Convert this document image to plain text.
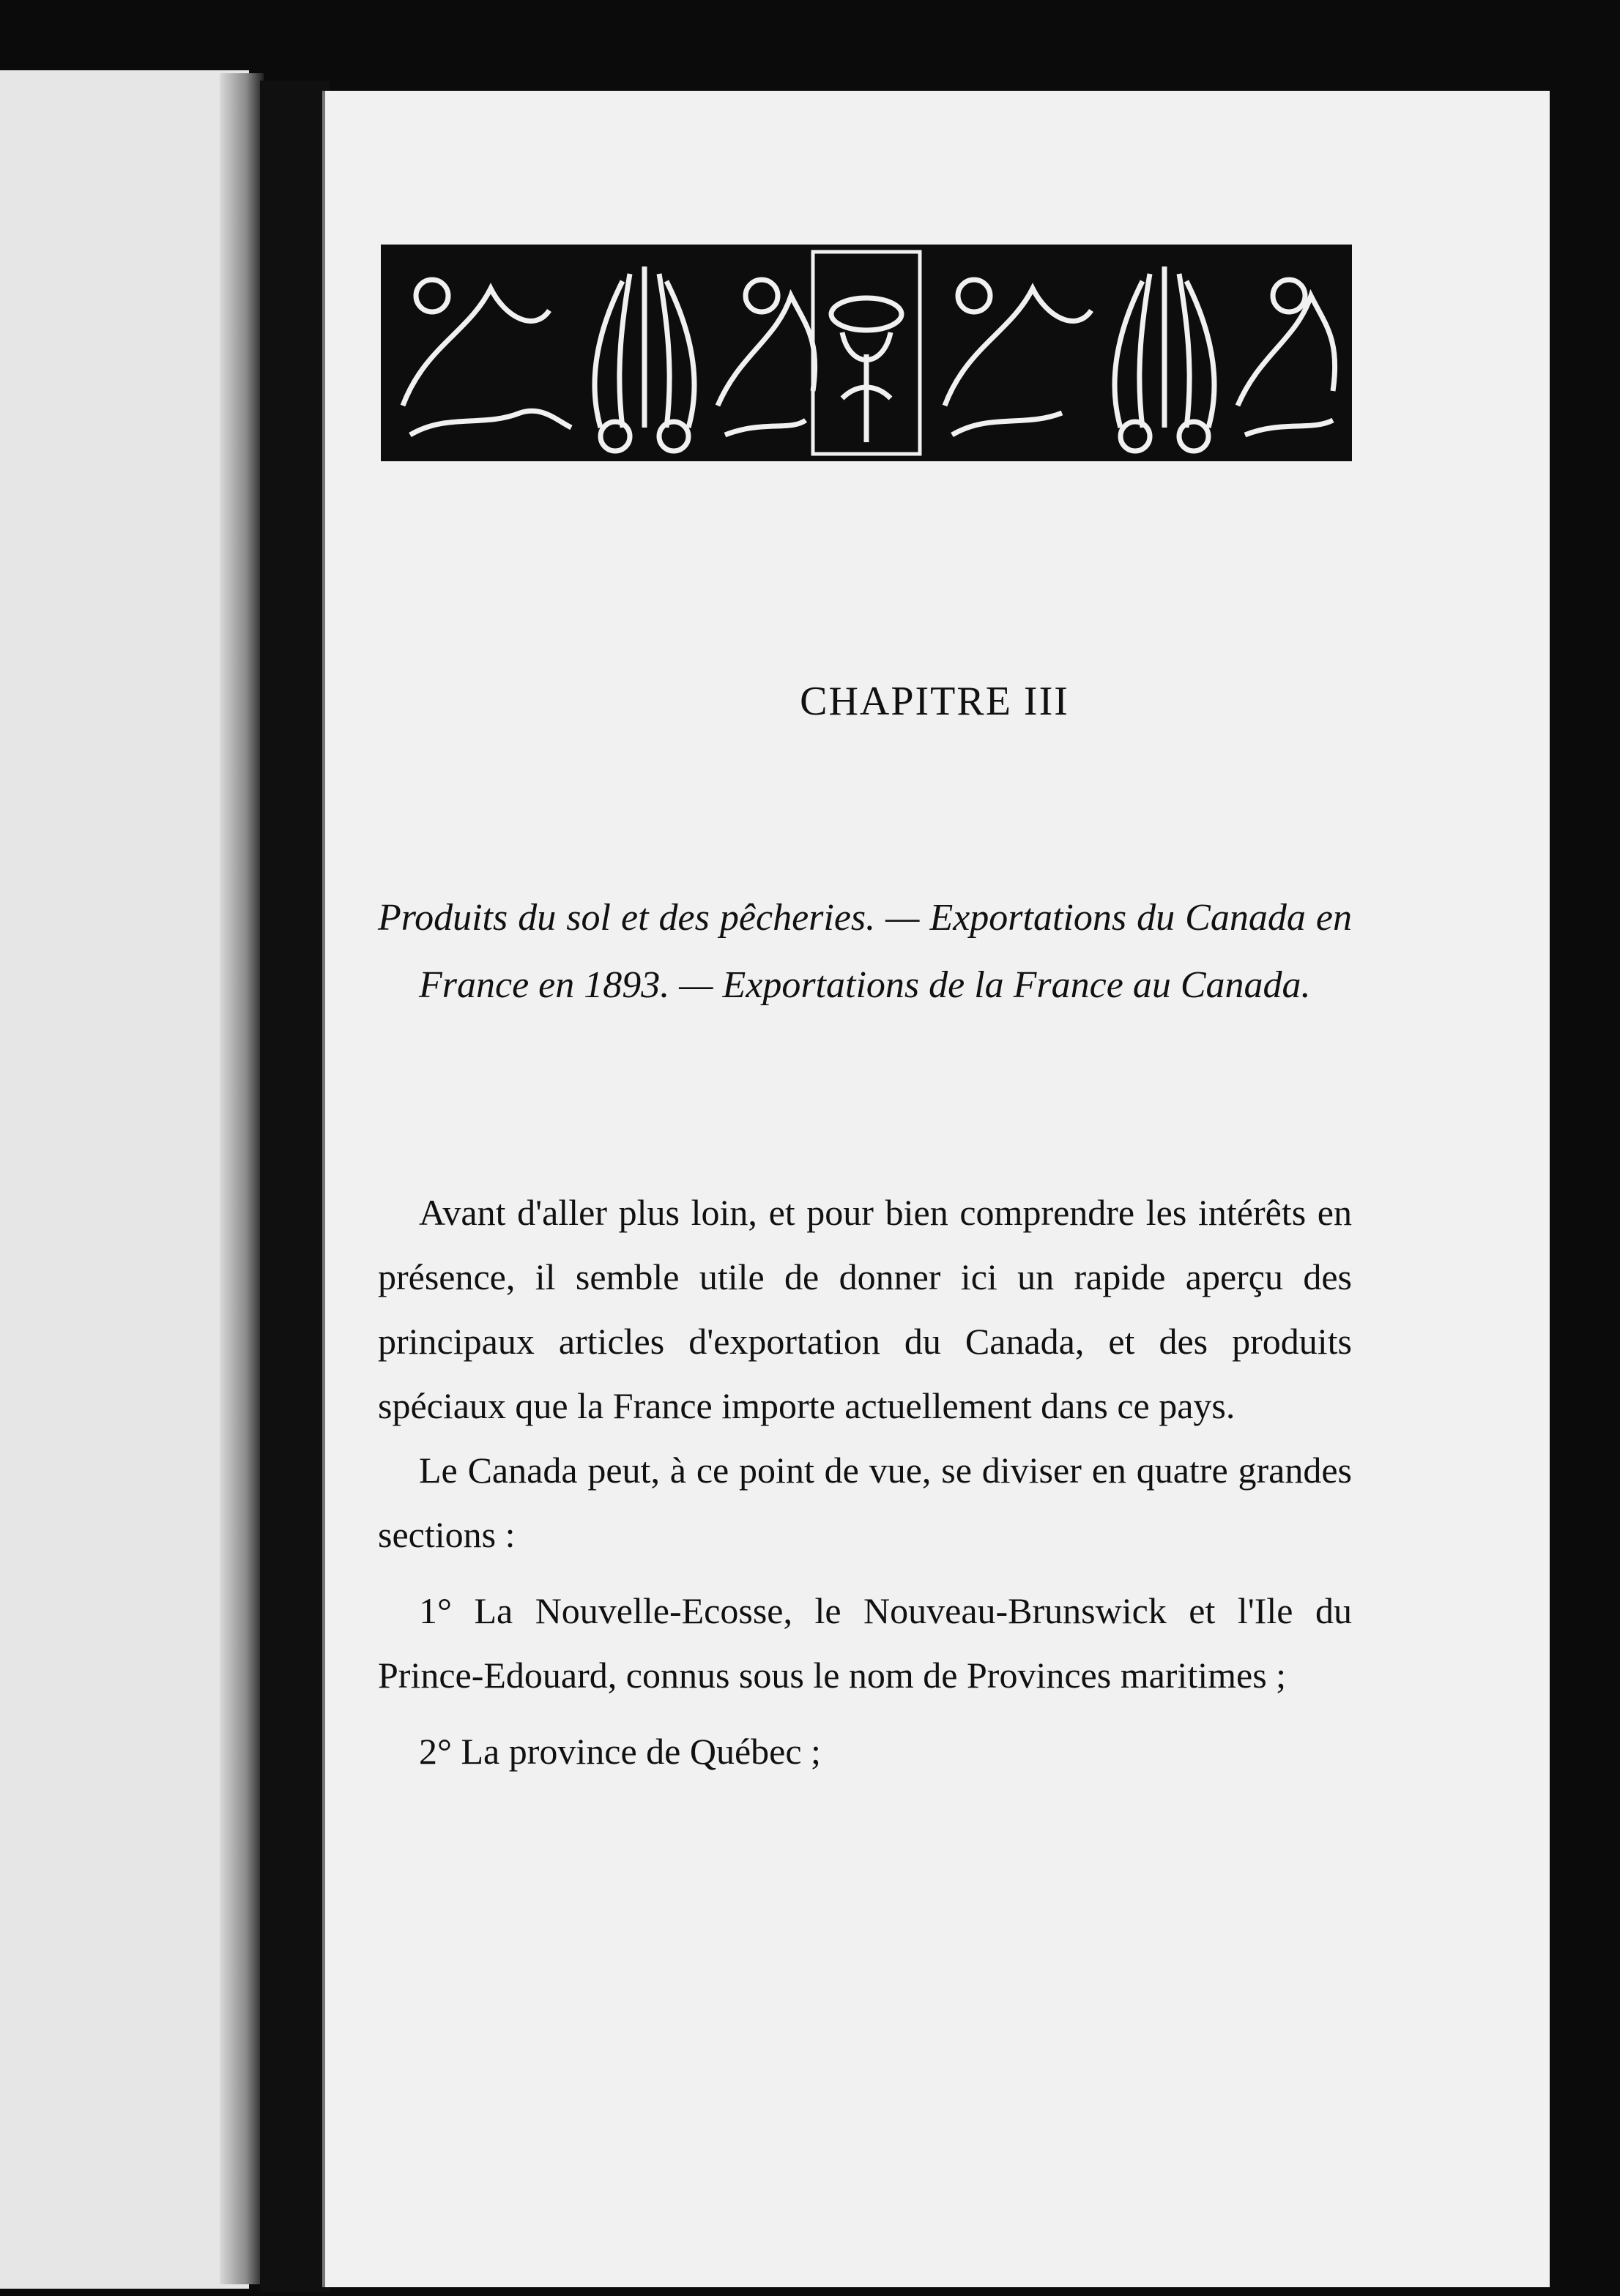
CHAPITRE III
Produits du sol et des pêcheries. — Exportations du Canada en France en 1893. — Exportations de la France au Canada.

Avant d'aller plus loin, et pour bien comprendre les intérêts en présence, il semble utile de donner ici un rapide aperçu des principaux articles d'exportation du Canada, et des produits spéciaux que la France importe actuellement dans ce pays.

Le Canada peut, à ce point de vue, se diviser en quatre grandes sections :

1° La Nouvelle-Ecosse, le Nouveau-Brunswick et l'Ile du Prince-Edouard, connus sous le nom de Provinces maritimes ;

2° La province de Québec ;
